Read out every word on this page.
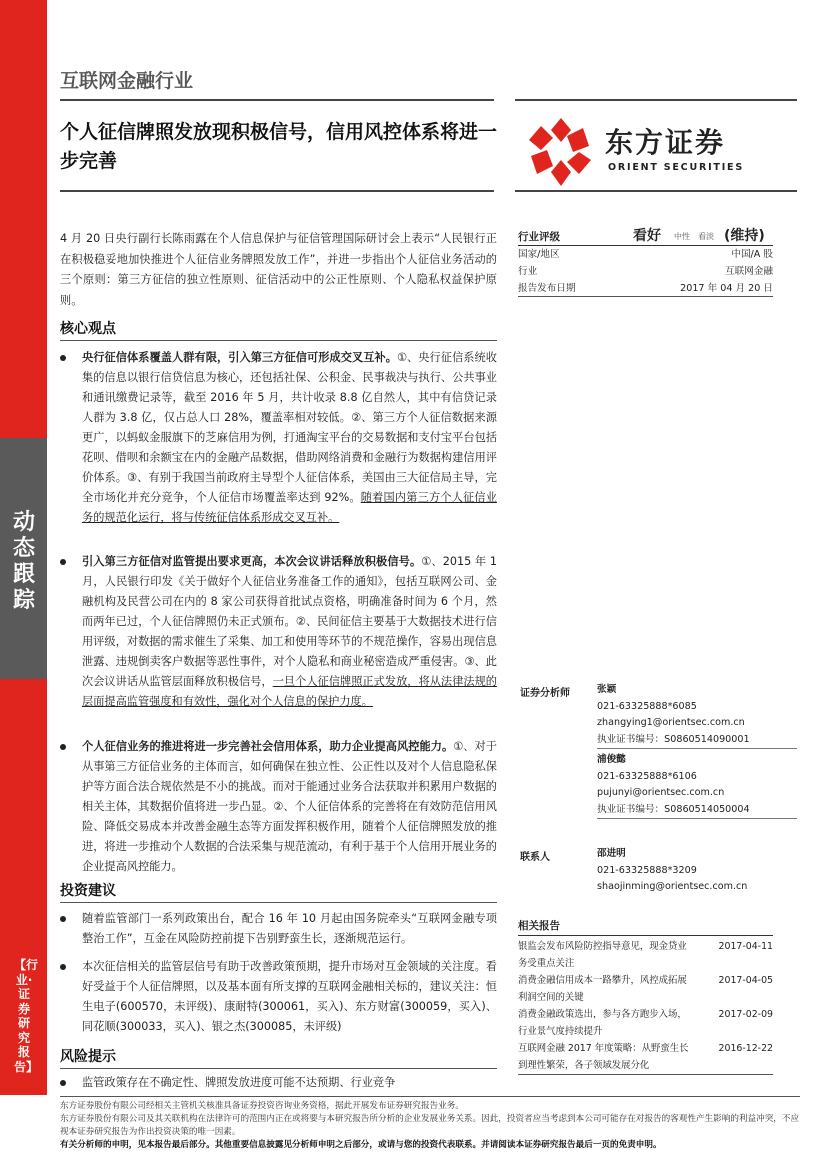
动态跟踪
【行业·证券研究报告】
互联网金融行业
个人征信牌照发放现积极信号，信用风控体系将进一步完善
东方证券
ORIENT SECURITIES
4 月 20 日央行副行长陈雨露在个人信息保护与征信管理国际研讨会上表示“人民银行正在积极稳妥地加快推进个人征信业务牌照发放工作”，并进一步指出个人征信业务活动的三个原则：第三方征信的独立性原则、征信活动中的公正性原则、个人隐私权益保护原则。
核心观点
央行征信体系覆盖人群有限，引入第三方征信可形成交叉互补。①、央行征信系统收集的信息以银行信贷信息为核心，还包括社保、公积金、民事裁决与执行、公共事业和通讯缴费记录等，截至 2016 年 5 月，共计收录 8.8 亿自然人，其中有信贷记录人群为 3.8 亿，仅占总人口 28%，覆盖率相对较低。②、第三方个人征信数据来源更广，以蚂蚁金服旗下的芝麻信用为例，打通淘宝平台的交易数据和支付宝平台包括花呗、借呗和余额宝在内的金融产品数据，借助网络消费和金融行为数据构建信用评价体系。③、有别于我国当前政府主导型个人征信体系，美国由三大征信局主导，完全市场化并充分竞争，个人征信市场覆盖率达到 92%。随着国内第三方个人征信业务的规范化运行，将与传统征信体系形成交叉互补。
引入第三方征信对监管提出要求更高，本次会议讲话释放积极信号。①、2015 年 1 月，人民银行印发《关于做好个人征信业务准备工作的通知》，包括互联网公司、金融机构及民营公司在内的 8 家公司获得首批试点资格，明确准备时间为 6 个月，然而两年已过，个人征信牌照仍未正式颁布。②、民间征信主要基于大数据技术进行信用评级，对数据的需求催生了采集、加工和使用等环节的不规范操作，容易出现信息泄露、违规倒卖客户数据等恶性事件，对个人隐私和商业秘密造成严重侵害。③、此次会议讲话从监管层面释放积极信号，一旦个人征信牌照正式发放，将从法律法规的层面提高监管强度和有效性，强化对个人信息的保护力度。
个人征信业务的推进将进一步完善社会信用体系，助力企业提高风控能力。①、对于从事第三方征信业务的主体而言，如何确保在独立性、公正性以及对个人信息隐私保护等方面合法合规依然是不小的挑战。而对于能通过业务合法获取并积累用户数据的相关主体，其数据价值将进一步凸显。②、个人征信体系的完善将在有效防范信用风险、降低交易成本并改善金融生态等方面发挥积极作用，随着个人征信牌照发放的推进，将进一步推动个人数据的合法采集与规范流动，有利于基于个人信用开展业务的企业提高风控能力。
投资建议
随着监管部门一系列政策出台，配合 16 年 10 月起由国务院牵头“互联网金融专项整治工作”，互金在风险防控前提下告别野蛮生长，逐渐规范运行。
本次征信相关的监管层信号有助于改善政策预期，提升市场对互金领域的关注度。看好受益于个人征信牌照，以及基本面有所支撑的互联网金融相关标的，建议关注：恒生电子(600570，未评级)、康耐特(300061，买入)、东方财富(300059，买入)、同花顺(300033，买入)、银之杰(300085，未评级)
风险提示
监管政策存在不确定性、牌照发放进度可能不达预期、行业竞争
行业评级	看好 中性 看淡 (维持)
国家/地区	中国/A 股
行业	互联网金融
报告发布日期	2017 年 04 月 20 日
证券分析师	张颖
021-63325888*6085
zhangying1@orientsec.com.cn
执业证书编号：S0860514090001
浦俊懿
021-63325888*6106
pujunyi@orientsec.com.cn
执业证书编号：S0860514050004
联系人	邵进明
021-63325888*3209
shaojinming@orientsec.com.cn
相关报告
银监会发布风险防控指导意见，现金贷业
务受重点关注
2017-04-11
消费金融信用成本一路攀升，风控成拓展
利润空间的关键
2017-04-05
消费金融政策选出，参与各方跑步入场，
行业景气度持续提升
2017-02-09
互联网金融 2017 年度策略：从野蛮生长
到理性繁荣，各子领域发展分化
2016-12-22
东方证券股份有限公司经相关主管机关核准具备证券投资咨询业务资格，据此开展发布证券研究报告业务。
东方证券股份有限公司及其关联机构在法律许可的范围内正在或将要与本研究报告所分析的企业发展业务关系。因此，投资者应当考虑到本公司可能存在对报告的客观性产生影响的利益冲突，不应视本证券研究报告为作出投资决策的唯一因素。
有关分析师的申明，见本报告最后部分。其他重要信息披露见分析师申明之后部分，或请与您的投资代表联系。并请阅读本证券研究报告最后一页的免责申明。
